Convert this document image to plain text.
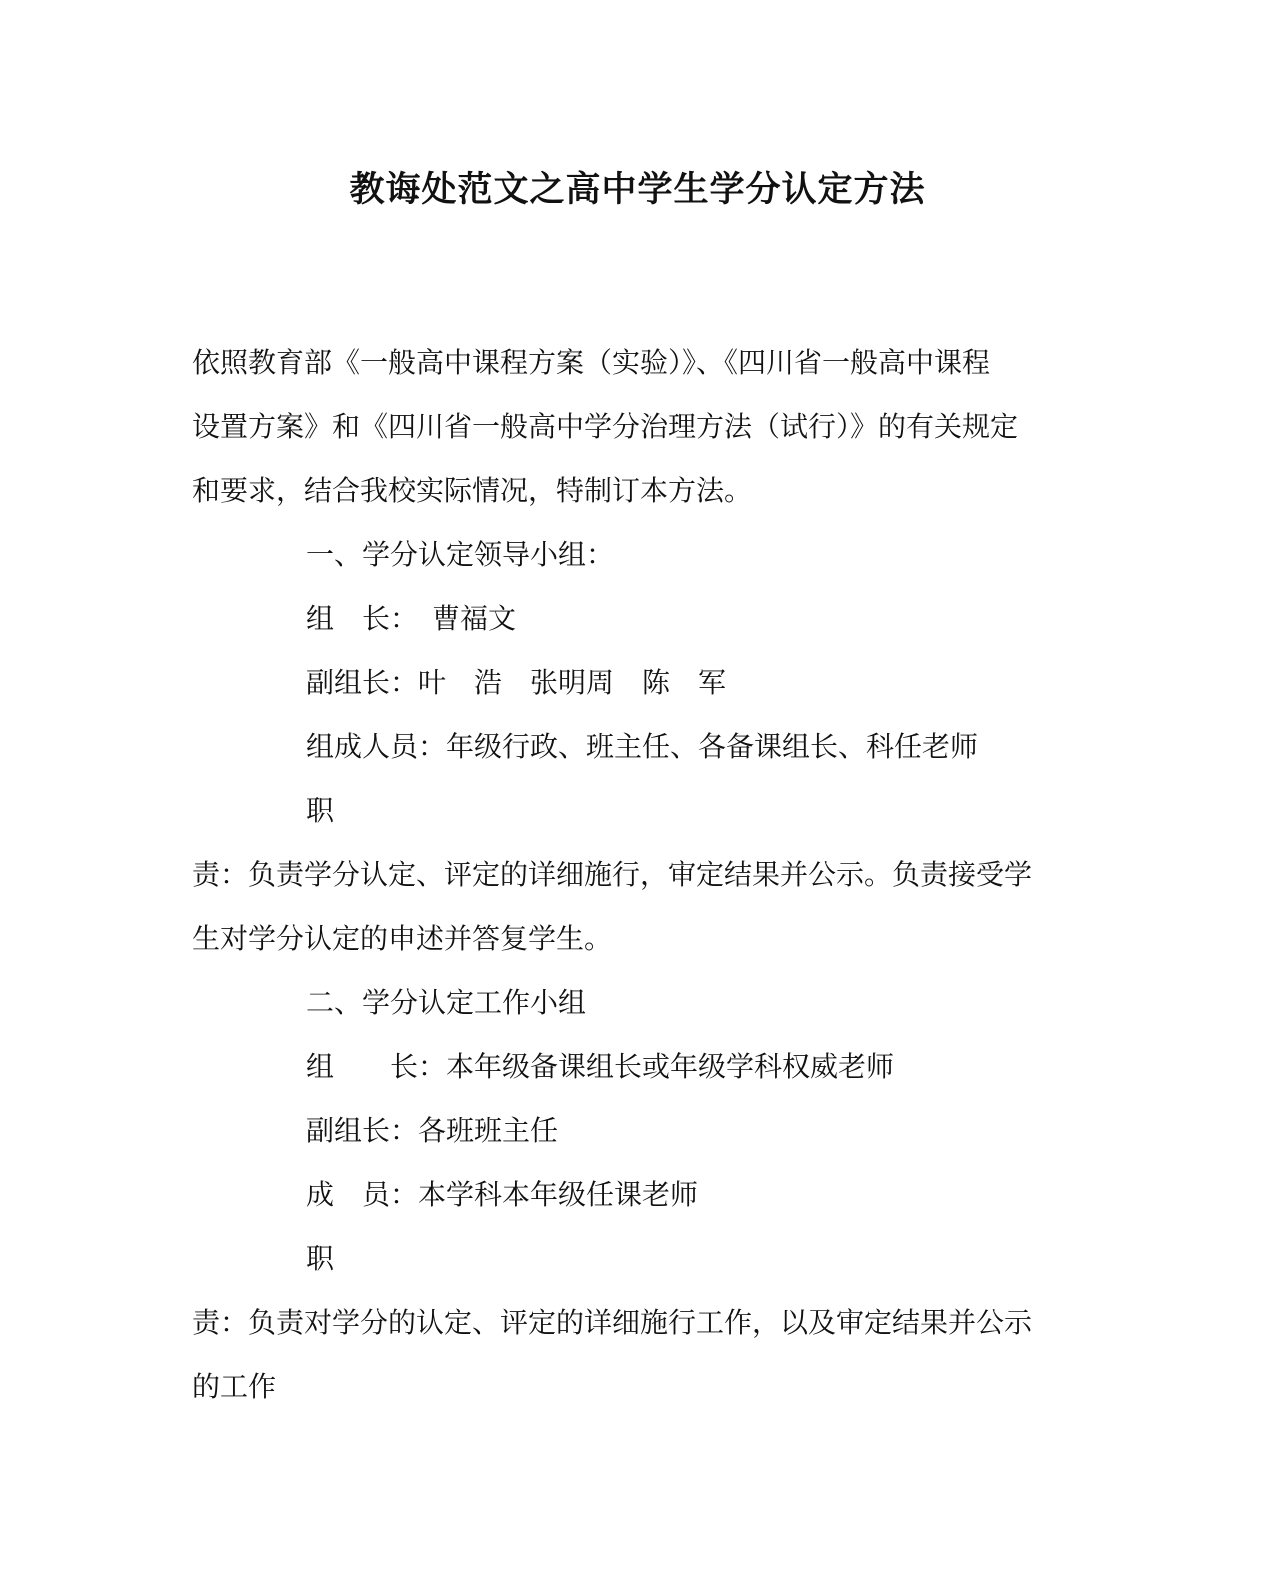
教诲处范文之高中学生学分认定方法
依照教育部《一般高中课程方案（实验）》、《四川省一般高中课程
设置方案》和《四川省一般高中学分治理方法（试行）》的有关规定
和要求，结合我校实际情况，特制订本方法。
一、学分认定领导小组：
组　长：　曹福文
副组长：叶　浩　张明周　陈　军
组成人员：年级行政、班主任、各备课组长、科任老师
职
责：负责学分认定、评定的详细施行，审定结果并公示。负责接受学
生对学分认定的申述并答复学生。
二、学分认定工作小组
组　　长：本年级备课组长或年级学科权威老师
副组长：各班班主任
成　员：本学科本年级任课老师
职
责：负责对学分的认定、评定的详细施行工作，以及审定结果并公示
的工作
